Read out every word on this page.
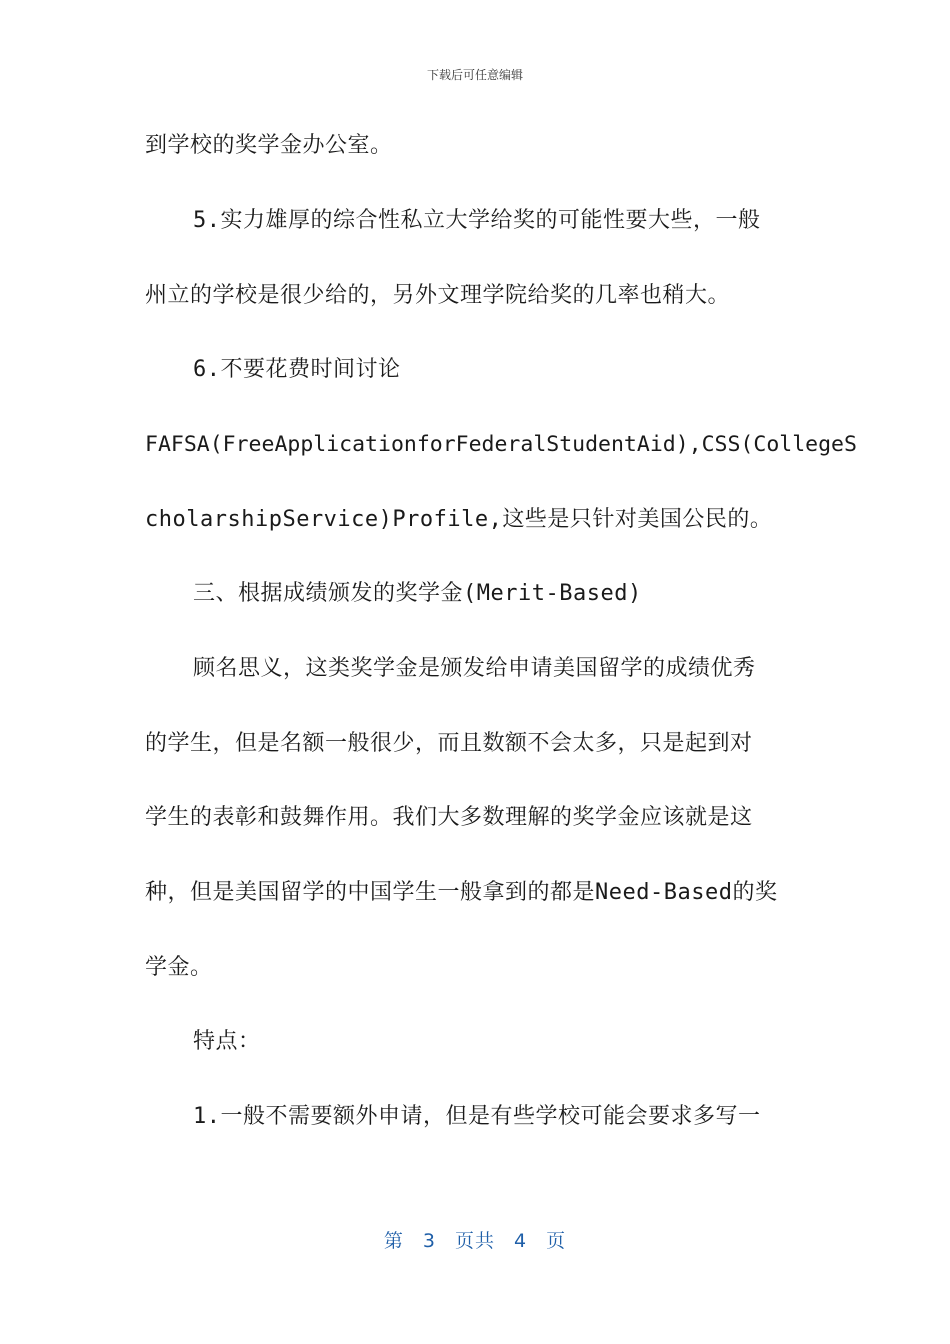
下载后可任意编辑
到学校的奖学金办公室。
5.实力雄厚的综合性私立大学给奖的可能性要大些，一般
州立的学校是很少给的，另外文理学院给奖的几率也稍大。
6.不要花费时间讨论
FAFSA(FreeApplicationforFederalStudentAid),CSS(CollegeS
cholarshipService)Profile,这些是只针对美国公民的。
三、根据成绩颁发的奖学金(Merit-Based)
顾名思义，这类奖学金是颁发给申请美国留学的成绩优秀
的学生，但是名额一般很少，而且数额不会太多，只是起到对
学生的表彰和鼓舞作用。我们大多数理解的奖学金应该就是这
种，但是美国留学的中国学生一般拿到的都是Need-Based的奖
学金。
特点：
1.一般不需要额外申请，但是有些学校可能会要求多写一
第 3 页共 4 页
